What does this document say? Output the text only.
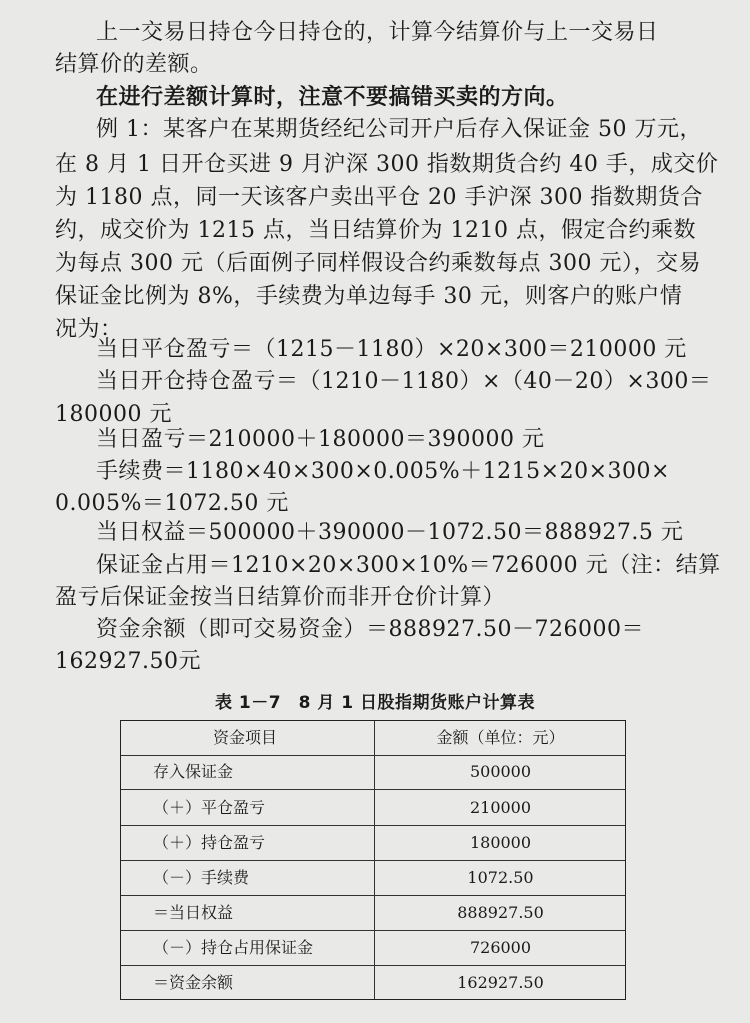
上一交易日持仓今日持仓的，计算今结算价与上一交易日

结算价的差额。

在进行差额计算时，注意不要搞错买卖的方向。

例 1：某客户在某期货经纪公司开户后存入保证金 50 万元，

在 8 月 1 日开仓买进 9 月沪深 300 指数期货合约 40 手，成交价

为 1180 点，同一天该客户卖出平仓 20 手沪深 300 指数期货合

约，成交价为 1215 点，当日结算价为 1210 点，假定合约乘数

为每点 300 元（后面例子同样假设合约乘数每点 300 元），交易

保证金比例为 8%，手续费为单边每手 30 元，则客户的账户情

况为：

当日平仓盈亏＝（1215－1180）×20×300＝210000 元

当日开仓持仓盈亏＝（1210－1180）×（40－20）×300＝

180000 元

当日盈亏＝210000＋180000＝390000 元

手续费＝1180×40×300×0.005%＋1215×20×300×

0.005%＝1072.50 元

当日权益＝500000＋390000－1072.50＝888927.5 元

保证金占用＝1210×20×300×10%＝726000 元（注：结算

盈亏后保证金按当日结算价而非开仓价计算）

资金余额（即可交易资金）＝888927.50－726000＝

162927.50元

表 1－7　8 月 1 日股指期货账户计算表
资金项目	金额（单位：元）
存入保证金	500000
（＋）平仓盈亏	210000
（＋）持仓盈亏	180000
（－）手续费	1072.50
＝当日权益	888927.50
（－）持仓占用保证金	726000
＝资金余额	162927.50
